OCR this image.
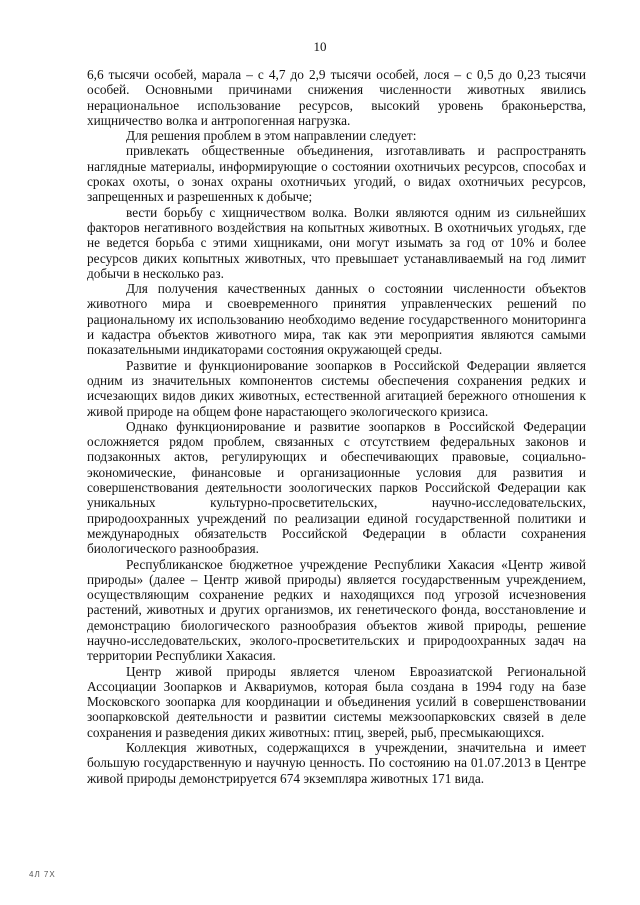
10

6,6 тысячи особей, марала – с 4,7 до 2,9 тысячи особей, лося – с 0,5 до 0,23 тысячи особей. Основными причинами снижения численности животных явились нерациональное использование ресурсов, высокий уровень браконьерства, хищничество волка и антропогенная нагрузка.

Для решения проблем в этом направлении следует:

привлекать общественные объединения, изготавливать и распространять наглядные материалы, информирующие о состоянии охотничьих ресурсов, способах и сроках охоты, о зонах охраны охотничьих угодий, о видах охотничьих ресурсов, запрещенных и разрешенных к добыче;

вести борьбу с хищничеством волка. Волки являются одним из сильнейших факторов негативного воздействия на копытных животных. В охотничьих угодьях, где не ведется борьба с этими хищниками, они могут изымать за год от 10% и более ресурсов диких копытных животных, что превышает устанавливаемый на год лимит добычи в несколько раз.

Для получения качественных данных о состоянии численности объектов животного мира и своевременного принятия управленческих решений по рациональному их использованию необходимо ведение государственного мониторинга и кадастра объектов животного мира, так как эти мероприятия являются самыми показательными индикаторами состояния окружающей среды.

Развитие и функционирование зоопарков в Российской Федерации является одним из значительных компонентов системы обеспечения сохранения редких и исчезающих видов диких животных, естественной агитацией бережного отношения к живой природе на общем фоне нарастающего экологического кризиса.

Однако функционирование и развитие зоопарков в Российской Федерации осложняется рядом проблем, связанных с отсутствием федеральных законов и подзаконных актов, регулирующих и обеспечивающих правовые, социально-экономические, финансовые и организационные условия для развития и совершенствования деятельности зоологических парков Российской Федерации как уникальных культурно-просветительских, научно-исследовательских, природоохранных учреждений по реализации единой государственной политики и международных обязательств Российской Федерации в области сохранения биологического разнообразия.

Республиканское бюджетное учреждение Республики Хакасия «Центр живой природы» (далее – Центр живой природы) является государственным учреждением, осуществляющим сохранение редких и находящихся под угрозой исчезновения растений, животных и других организмов, их генетического фонда, восстановление и демонстрацию биологического разнообразия объектов живой природы, решение научно-исследовательских, эколого-просветительских и природоохранных задач на территории Республики Хакасия.

Центр живой природы является членом Евроазиатской Региональной Ассоциации Зоопарков и Аквариумов, которая была создана в 1994 году на базе Московского зоопарка для координации и объединения усилий в совершенствовании зоопарковской деятельности и развитии системы межзоопарковских связей в деле сохранения и разведения диких животных: птиц, зверей, рыб, пресмыкающихся.

Коллекция животных, содержащихся в учреждении, значительна и имеет большую государственную и научную ценность. По состоянию на 01.07.2013 в Центре живой природы демонстрируется 674 экземпляра животных 171 вида.

4Л 7Х
